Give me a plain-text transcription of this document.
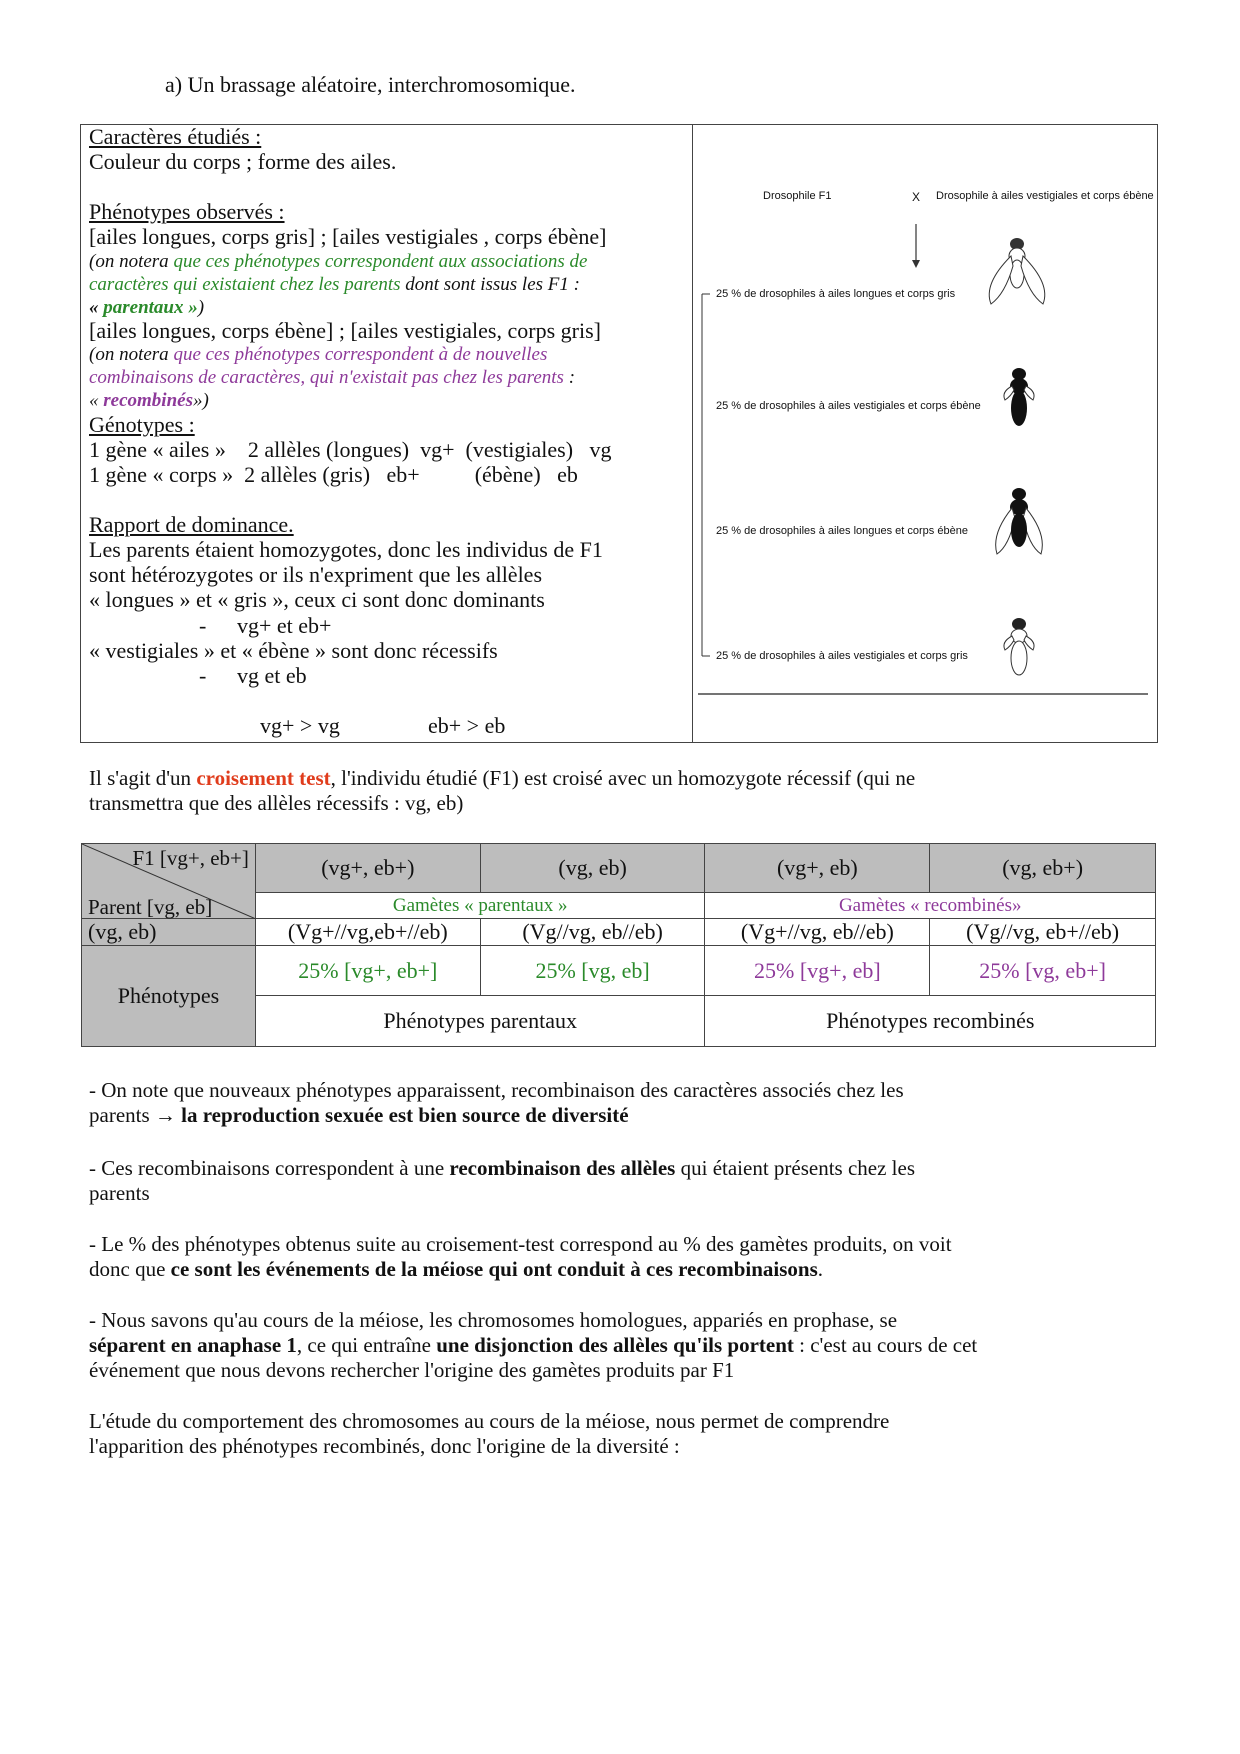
a) Un brassage aléatoire, interchromosomique.
Caractères étudiés :
Couleur du corps ; forme des ailes.
Phénotypes observés :
[ailes longues, corps gris] ; [ailes vestigiales , corps ébène]
(on notera que ces phénotypes correspondent aux associations de
caractères qui existaient chez les parents dont sont issus les F1 :
« parentaux »)
[ailes longues, corps ébène] ; [ailes vestigiales, corps gris]
(on notera que ces phénotypes correspondent à de nouvelles
combinaisons de caractères, qui n'existait pas chez les parents :
« recombinés»)
Génotypes :
1 gène « ailes »    2 allèles (longues)  vg+  (vestigiales)   vg
1 gène « corps »  2 allèles (gris)   eb+          (ébène)   eb
Rapport de dominance.
Les parents étaient homozygotes, donc les individus de F1
sont hétérozygotes or ils n'expriment que les allèles
« longues » et « gris », ceux ci sont donc dominants
- vg+ et eb+
« vestigiales » et « ébène » sont donc récessifs
- vg et eb
vg+ > vg	eb+ > eb
Drosophile F1	X Drosophile à ailes vestigiales et corps ébène
25 % de drosophiles à ailes longues et corps gris
25 % de drosophiles à ailes vestigiales et corps ébène
25 % de drosophiles à ailes longues et corps ébène
25 % de drosophiles à ailes vestigiales et corps gris
Il s'agit d'un croisement test, l'individu étudié (F1) est croisé avec un homozygote récessif (qui ne
transmettra que des allèles récessifs : vg, eb)
F1 [vg+, eb+]
Parent [vg, eb]	(vg+, eb+)	(vg, eb)	(vg+, eb)	(vg, eb+)
	Gamètes « parentaux »		Gamètes « recombinés»	
(vg, eb)	(Vg+//vg,eb+//eb)	(Vg//vg, eb//eb)	(Vg+//vg, eb//eb)	(Vg//vg, eb+//eb)
Phénotypes	25% [vg+, eb+]	25% [vg, eb]	25% [vg+, eb]	25% [vg, eb+]
	Phénotypes parentaux		Phénotypes recombinés	
- On note que nouveaux phénotypes apparaissent, recombinaison des caractères associés chez les
parents → la reproduction sexuée est bien source de diversité
- Ces recombinaisons correspondent à une recombinaison des allèles qui étaient présents chez les
parents
- Le % des phénotypes obtenus suite au croisement-test correspond au % des gamètes produits, on voit
donc que ce sont les événements de la méiose qui ont conduit à ces recombinaisons.
- Nous savons qu'au cours de la méiose, les chromosomes homologues, appariés en prophase, se
séparent en anaphase 1, ce qui entraîne une disjonction des allèles qu'ils portent : c'est au cours de cet
événement que nous devons rechercher l'origine des gamètes produits par F1
L'étude du comportement des chromosomes au cours de la méiose, nous permet de comprendre
l'apparition des phénotypes recombinés, donc l'origine de la diversité :
